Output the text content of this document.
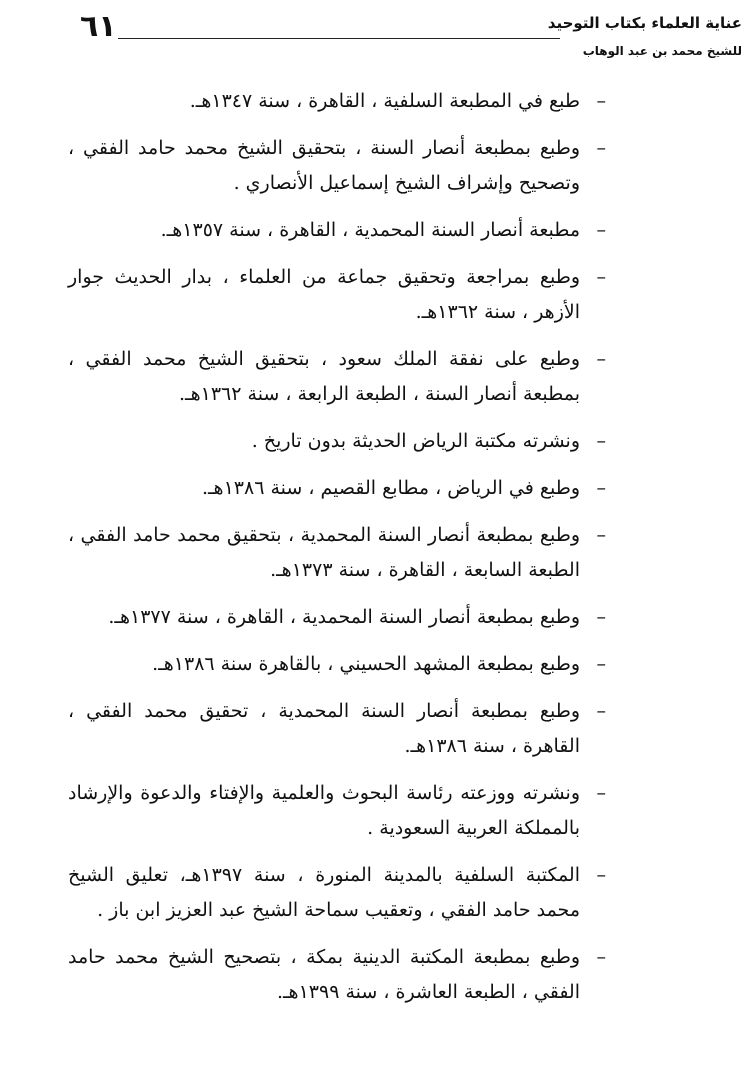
٦١	عناية العلماء بكتاب التوحيد
للشيخ محمد بن عبد الوهاب
–
طبع في المطبعة السلفية ، القاهرة ، سنة ١٣٤٧هـ.
–
وطبع بمطبعة أنصار السنة ، بتحقيق الشيخ محمد حامد الفقي ، وتصحيح وإشراف الشيخ إسماعيل الأنصاري .
–
مطبعة أنصار السنة المحمدية ، القاهرة ، سنة ١٣٥٧هـ.
–
وطبع بمراجعة وتحقيق جماعة من العلماء ، بدار الحديث جوار الأزهر ، سنة ١٣٦٢هـ.
–
وطبع على نفقة الملك سعود ، بتحقيق الشيخ محمد الفقي ، بمطبعة أنصار السنة ، الطبعة الرابعة ، سنة ١٣٦٢هـ.
–
ونشرته مكتبة الرياض الحديثة بدون تاريخ .
–
وطبع في الرياض ، مطابع القصيم ، سنة ١٣٨٦هـ.
–
وطبع بمطبعة أنصار السنة المحمدية ، بتحقيق محمد حامد الفقي ، الطبعة السابعة ، القاهرة ، سنة ١٣٧٣هـ.
–
وطبع بمطبعة أنصار السنة المحمدية ، القاهرة ، سنة ١٣٧٧هـ.
–
وطبع بمطبعة المشهد الحسيني ، بالقاهرة سنة ١٣٨٦هـ.
–
وطبع بمطبعة أنصار السنة المحمدية ، تحقيق محمد الفقي ، القاهرة ، سنة ١٣٨٦هـ.
–
ونشرته ووزعته رئاسة البحوث والعلمية والإفتاء والدعوة والإرشاد بالمملكة العربية السعودية .
–
المكتبة السلفية بالمدينة المنورة ، سنة ١٣٩٧هـ، تعليق الشيخ محمد حامد الفقي ، وتعقيب سماحة الشيخ عبد العزيز ابن باز .
–
وطبع بمطبعة المكتبة الدينية بمكة ، بتصحيح الشيخ محمد حامد الفقي ، الطبعة العاشرة ، سنة ١٣٩٩هـ.
